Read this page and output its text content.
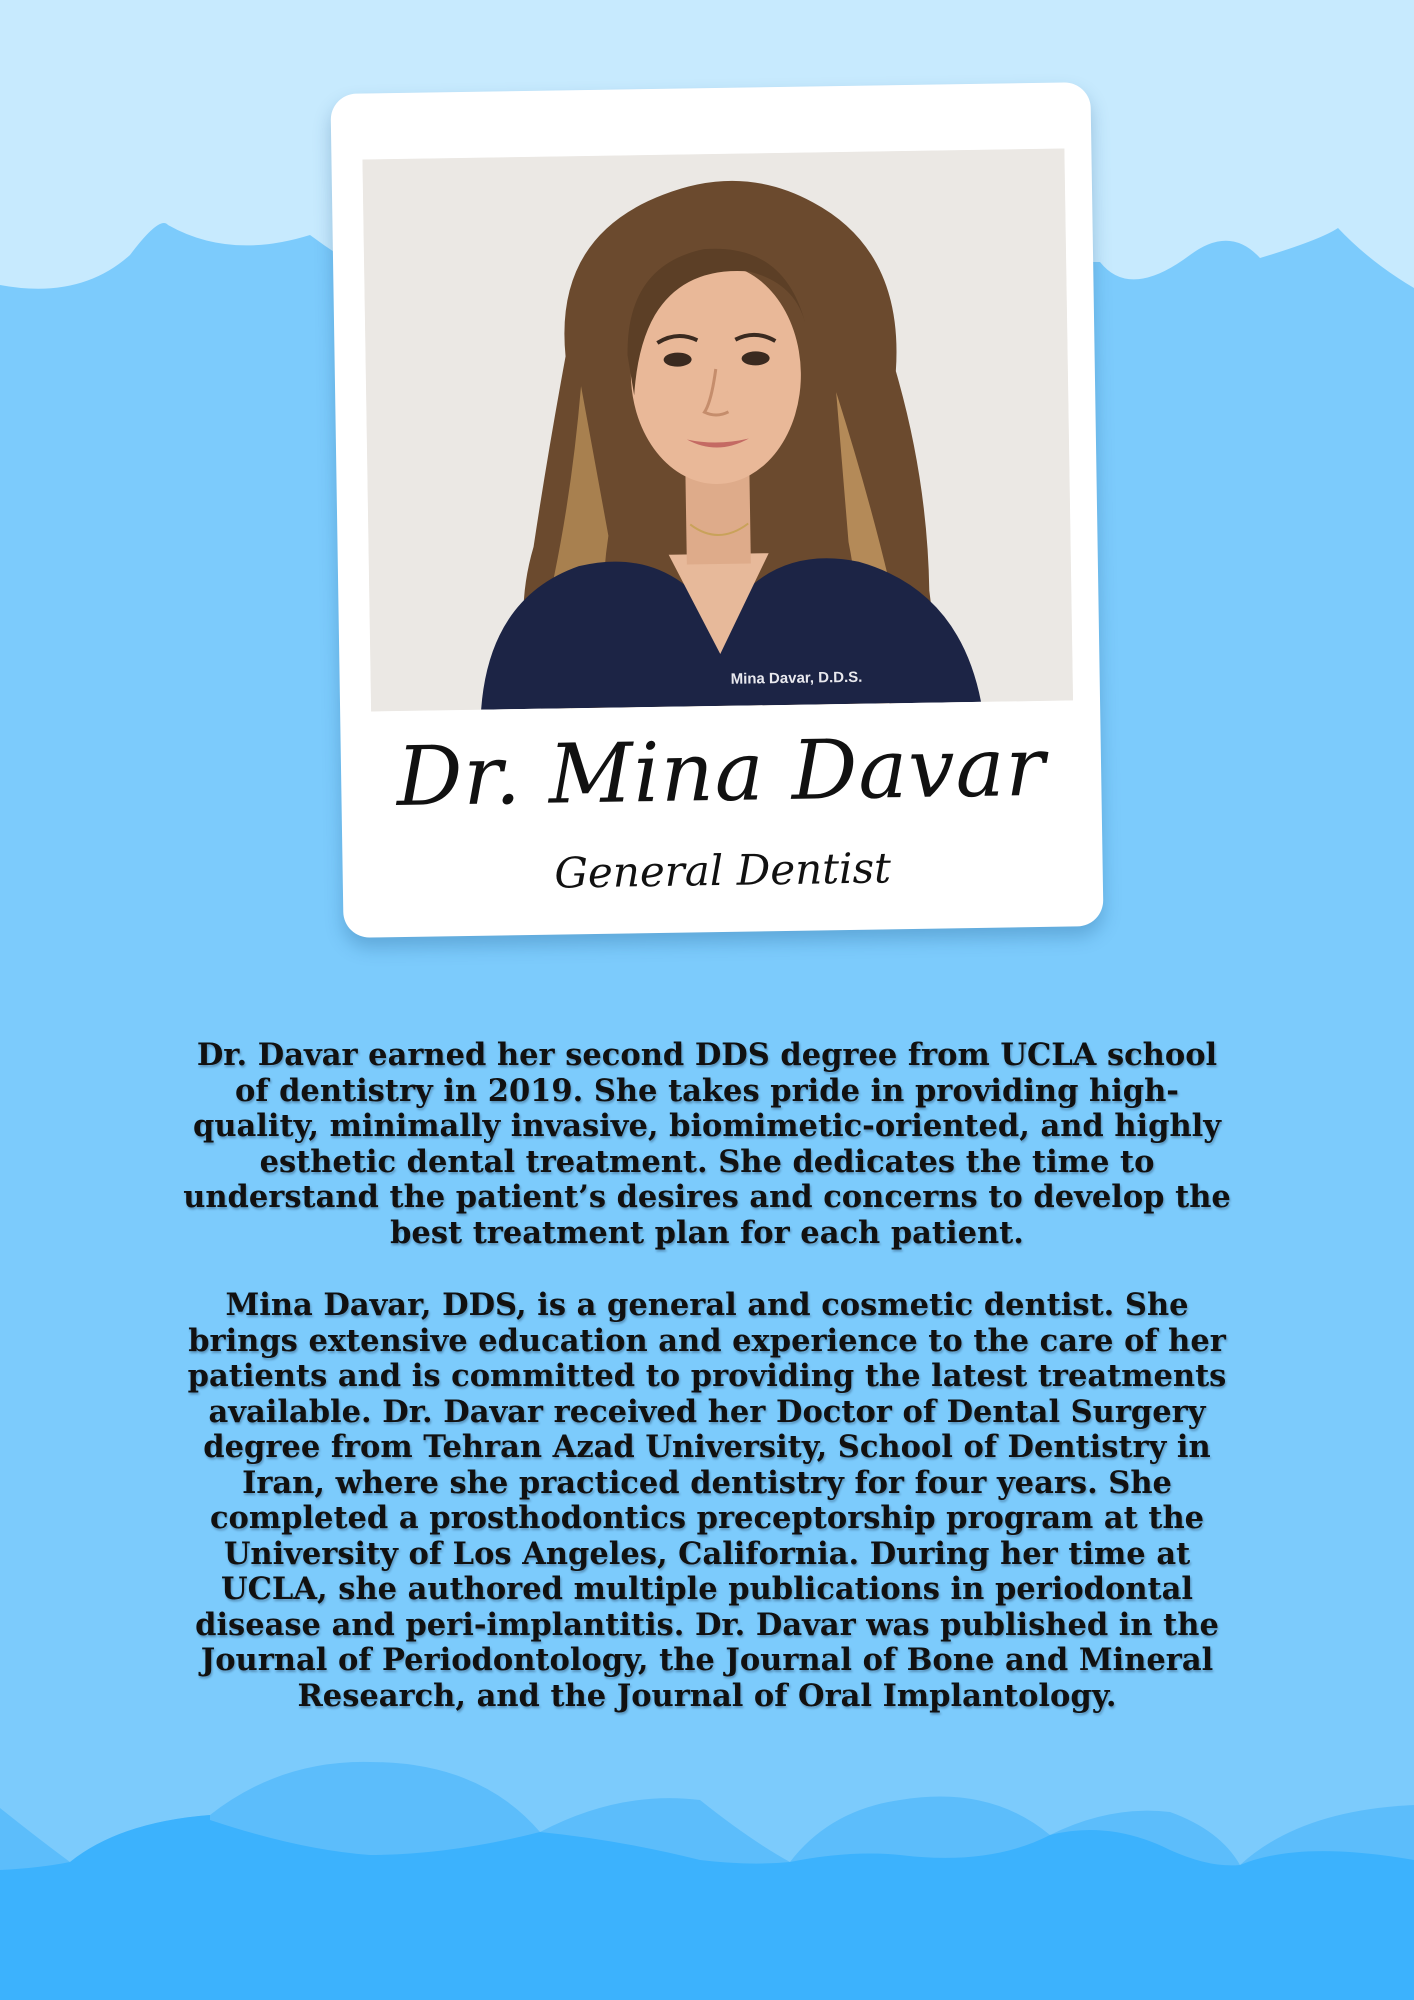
Mina Davar, D.D.S.
Dr. Mina Davar
General Dentist

Dr. Davar earned her second DDS degree from UCLA school of dentistry in 2019. She takes pride in providing high-quality, minimally invasive, biomimetic-oriented, and highly esthetic dental treatment. She dedicates the time to understand the patient’s desires and concerns to develop the best treatment plan for each patient.

Mina Davar, DDS, is a general and cosmetic dentist. She brings extensive education and experience to the care of her patients and is committed to providing the latest treatments available. Dr. Davar received her Doctor of Dental Surgery degree from Tehran Azad University, School of Dentistry in Iran, where she practiced dentistry for four years. She completed a prosthodontics preceptorship program at the University of Los Angeles, California. During her time at UCLA, she authored multiple publications in periodontal disease and peri-implantitis. Dr. Davar was published in the Journal of Periodontology, the Journal of Bone and Mineral Research, and the Journal of Oral Implantology.
